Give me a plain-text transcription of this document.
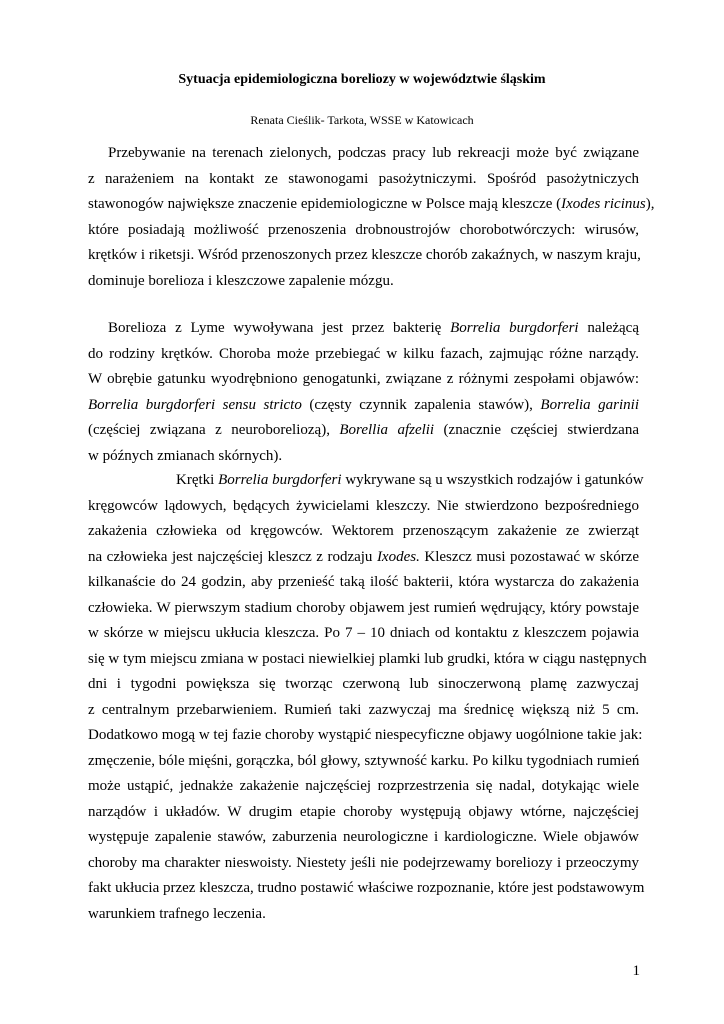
Sytuacja epidemiologiczna boreliozy w województwie śląskim
Renata Cieślik- Tarkota, WSSE w Katowicach

Przebywanie na terenach zielonych, podczas pracy lub rekreacji może być związane

z narażeniem na kontakt ze stawonogami pasożytniczymi. Spośród pasożytniczych

stawonogów największe znaczenie epidemiologiczne w Polsce mają kleszcze (Ixodes ricinus),

które posiadają możliwość przenoszenia drobnoustrojów chorobotwórczych: wirusów,

krętków i riketsji. Wśród przenoszonych przez kleszcze chorób zakaźnych, w naszym kraju,

dominuje borelioza i kleszczowe zapalenie mózgu.

Borelioza z Lyme wywoływana jest przez bakterię Borrelia burgdorferi należącą

do rodziny krętków. Choroba może przebiegać w kilku fazach, zajmując różne narządy.

W obrębie gatunku wyodrębniono genogatunki, związane z różnymi zespołami objawów:

Borrelia burgdorferi sensu stricto (częsty czynnik zapalenia stawów), Borrelia garinii

(częściej związana z neuroboreliozą), Borellia afzelii (znacznie częściej stwierdzana

w późnych zmianach skórnych).

Krętki Borrelia burgdorferi wykrywane są u wszystkich rodzajów i gatunków

kręgowców lądowych, będących żywicielami kleszczy. Nie stwierdzono bezpośredniego

zakażenia człowieka od kręgowców. Wektorem przenoszącym zakażenie ze zwierząt

na człowieka jest najczęściej kleszcz z rodzaju Ixodes. Kleszcz musi pozostawać w skórze

kilkanaście do 24 godzin, aby przenieść taką ilość bakterii, która wystarcza do zakażenia

człowieka. W pierwszym stadium choroby objawem jest rumień wędrujący, który powstaje

w skórze w miejscu ukłucia kleszcza. Po 7 – 10 dniach od kontaktu z kleszczem pojawia

się w tym miejscu zmiana w postaci niewielkiej plamki lub grudki, która w ciągu następnych

dni i tygodni powiększa się tworząc czerwoną lub sinoczerwoną plamę zazwyczaj

z centralnym przebarwieniem. Rumień taki zazwyczaj ma średnicę większą niż 5 cm.

Dodatkowo mogą w tej fazie choroby wystąpić niespecyficzne objawy uogólnione takie jak:

zmęczenie, bóle mięśni, gorączka, ból głowy, sztywność karku. Po kilku tygodniach rumień

może ustąpić, jednakże zakażenie najczęściej rozprzestrzenia się nadal, dotykając wiele

narządów i układów. W drugim etapie choroby występują objawy wtórne, najczęściej

występuje zapalenie stawów, zaburzenia neurologiczne i kardiologiczne. Wiele objawów

choroby ma charakter nieswoisty. Niestety jeśli nie podejrzewamy boreliozy i przeoczymy

fakt ukłucia przez kleszcza, trudno postawić właściwe rozpoznanie, które jest podstawowym

warunkiem trafnego leczenia.

1
